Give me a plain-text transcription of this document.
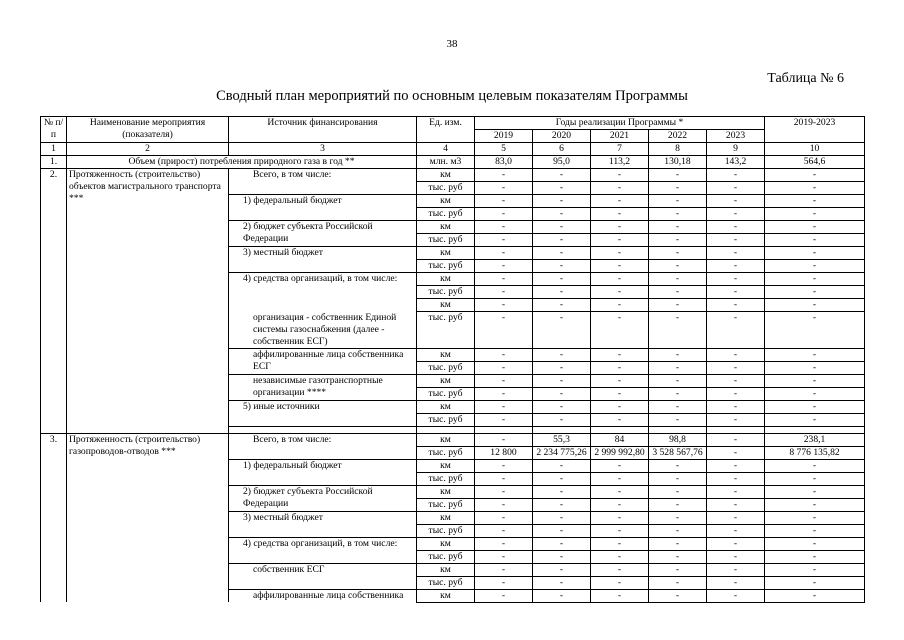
38
Таблица № 6
Сводный план мероприятий по основным целевым показателям Программы
№ п/п	Наименование мероприятия (показателя)	Источник финансирования	Ед. изм.	Годы реализации Программы *					2019-2023
				2019	2020	2021	2022	2023	
1	2	3	4	5	6	7	8	9	10
1.	Объем (прирост) потребления природного газа в год **		млн. м3	83,0	95,0	113,2	130,18	143,2	564,6
2.	Протяженность (строительство) объектов магистрального транспорта ***	Всего, в том числе:	км	-	-	-	-	-	-
			тыс. руб	-	-	-	-	-	-
		1) федеральный бюджет	км	-	-	-	-	-	-
			тыс. руб	-	-	-	-	-	-
		2) бюджет субъекта Российской Федерации	км	-	-	-	-	-	-
			тыс. руб	-	-	-	-	-	-
		3) местный бюджет	км	-	-	-	-	-	-
			тыс. руб	-	-	-	-	-	-
		4) средства организаций, в том числе:	км	-	-	-	-	-	-
			тыс. руб	-	-	-	-	-	-
			км	-	-	-	-	-	-
		организация - собственник Единой системы газоснабжения (далее - собственник ЕСГ)	тыс. руб	-	-	-	-	-	-
		аффилированные лица собственника ЕСГ	км	-	-	-	-	-	-
			тыс. руб	-	-	-	-	-	-
		независимые газотранспортные организации ****	км	-	-	-	-	-	-
			тыс. руб	-	-	-	-	-	-
		5) иные источники	км	-	-	-	-	-	-
			тыс. руб	-	-	-	-	-	-

3.	Протяженность (строительство) газопроводов-отводов ***	Всего, в том числе:	км	-	55,3	84	98,8	-	238,1
			тыс. руб	12 800	2 234 775,26	2 999 992,80	3 528 567,76	-	8 776 135,82
		1) федеральный бюджет	км	-	-	-	-	-	-
			тыс. руб	-	-	-	-	-	-
		2) бюджет субъекта Российской Федерации	км	-	-	-	-	-	-
			тыс. руб	-	-	-	-	-	-
		3) местный бюджет	км	-	-	-	-	-	-
			тыс. руб	-	-	-	-	-	-
		4) средства организаций, в том числе:	км	-	-	-	-	-	-
			тыс. руб	-	-	-	-	-	-
		собственник ЕСГ	км	-	-	-	-	-	-
			тыс. руб	-	-	-	-	-	-
		аффилированные лица собственника	км	-	-	-	-	-	-
